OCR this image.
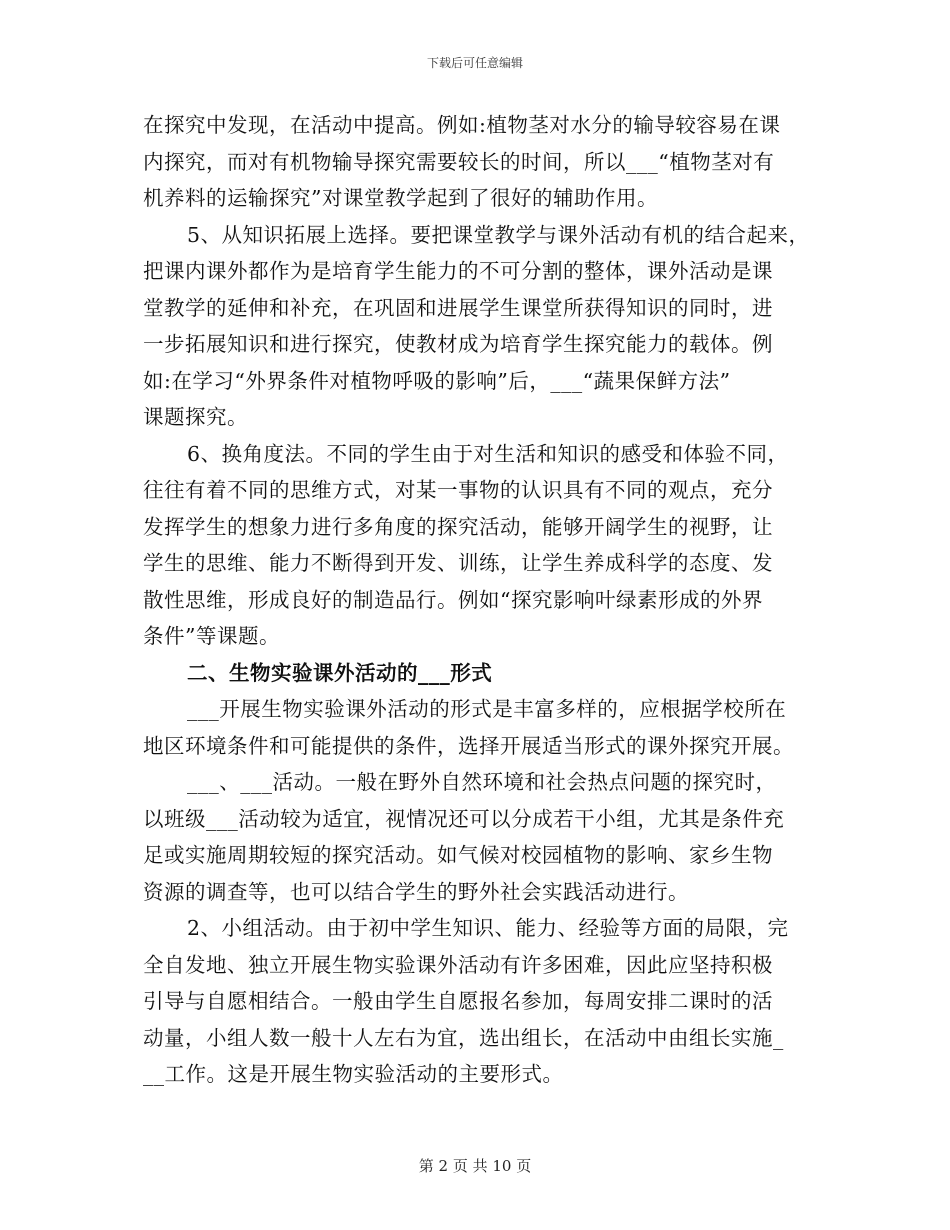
下载后可任意编辑

在探究中发现，在活动中提高。例如:植物茎对水分的输导较容易在课

内探究，而对有机物输导探究需要较长的时间，所以___“植物茎对有

机养料的运输探究”对课堂教学起到了很好的辅助作用。

5、从知识拓展上选择。要把课堂教学与课外活动有机的结合起来，

把课内课外都作为是培育学生能力的不可分割的整体，课外活动是课

堂教学的延伸和补充，在巩固和进展学生课堂所获得知识的同时，进

一步拓展知识和进行探究，使教材成为培育学生探究能力的载体。例

如:在学习“外界条件对植物呼吸的影响”后，___“蔬果保鲜方法”

课题探究。

6、换角度法。不同的学生由于对生活和知识的感受和体验不同，

往往有着不同的思维方式，对某一事物的认识具有不同的观点，充分

发挥学生的想象力进行多角度的探究活动，能够开阔学生的视野，让

学生的思维、能力不断得到开发、训练，让学生养成科学的态度、发

散性思维，形成良好的制造品行。例如“探究影响叶绿素形成的外界

条件”等课题。

二、生物实验课外活动的___形式

___开展生物实验课外活动的形式是丰富多样的，应根据学校所在

地区环境条件和可能提供的条件，选择开展适当形式的课外探究开展。

___、___活动。一般在野外自然环境和社会热点问题的探究时，

以班级___活动较为适宜，视情况还可以分成若干小组，尤其是条件充

足或实施周期较短的探究活动。如气候对校园植物的影响、家乡生物

资源的调查等，也可以结合学生的野外社会实践活动进行。

2、小组活动。由于初中学生知识、能力、经验等方面的局限，完

全自发地、独立开展生物实验课外活动有许多困难，因此应坚持积极

引导与自愿相结合。一般由学生自愿报名参加，每周安排二课时的活

动量，小组人数一般十人左右为宜，选出组长，在活动中由组长实施_

__工作。这是开展生物实验活动的主要形式。

第 2 页 共 10 页
